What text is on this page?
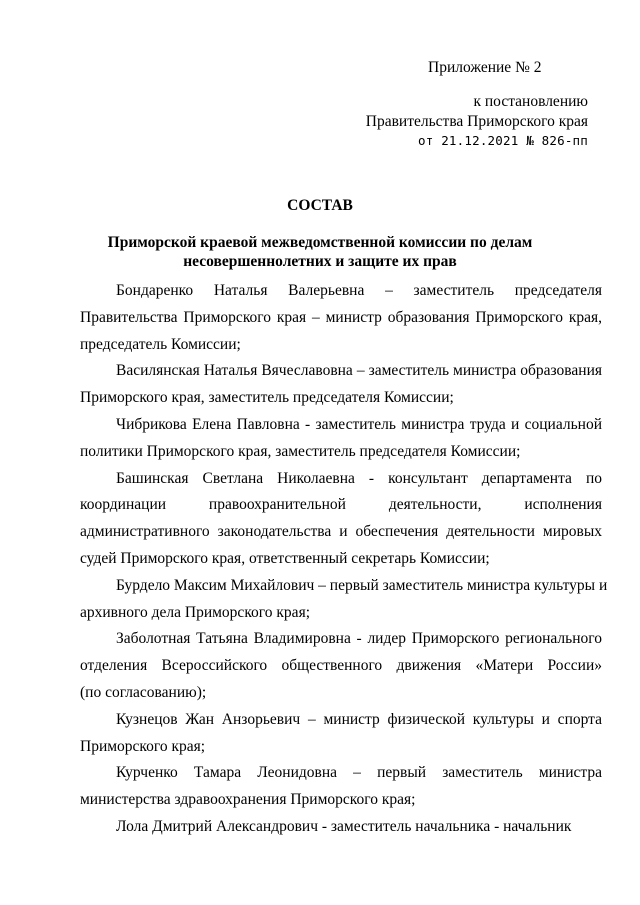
Приложение № 2
к постановлению
Правительства Приморского края
от 21.12.2021 № 826-пп
СОСТАВ
Приморской краевой межведомственной комиссии по делам
несовершеннолетних и защите их прав
Бондаренко Наталья Валерьевна – заместитель председателя
Правительства Приморского края – министр образования Приморского края,
председатель Комиссии;
Василянская Наталья Вячеславовна – заместитель министра образования
Приморского края, заместитель председателя Комиссии;
Чибрикова Елена Павловна - заместитель министра труда и социальной
политики Приморского края, заместитель председателя Комиссии;
Башинская Светлана Николаевна - консультант департамента по
координации правоохранительной деятельности, исполнения
административного законодательства и обеспечения деятельности мировых
судей Приморского края, ответственный секретарь Комиссии;
Бурдело Максим Михайлович – первый заместитель министра культуры и
архивного дела Приморского края;
Заболотная Татьяна Владимировна - лидер Приморского регионального
отделения Всероссийского общественного движения «Матери России»
(по согласованию);
Кузнецов Жан Анзорьевич – министр физической культуры и спорта
Приморского края;
Курченко Тамара Леонидовна – первый заместитель министра
министерства здравоохранения Приморского края;
Лола Дмитрий Александрович - заместитель начальника - начальник
